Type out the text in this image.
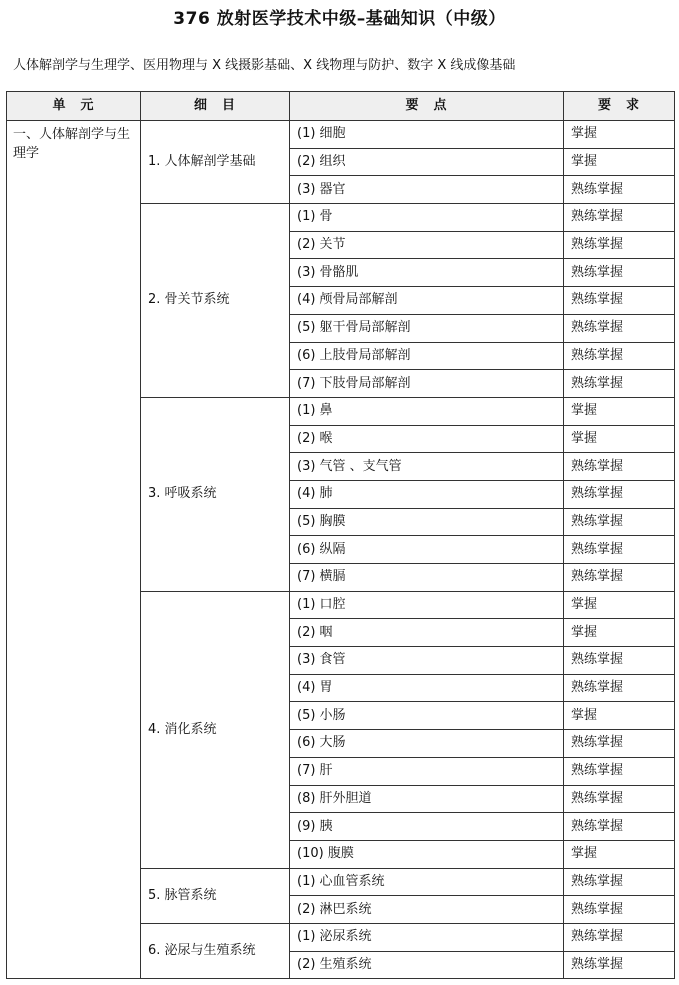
376 放射医学技术中级–基础知识（中级）
人体解剖学与生理学、医用物理与 X 线摄影基础、X 线物理与防护、数字 X 线成像基础
单　元	细　目	要　点	要　求
一、人体解剖学与生理学	1. 人体解剖学基础	(1) 细胞	掌握
		(2) 组织	掌握
		(3) 器官	熟练掌握
	2. 骨关节系统	(1) 骨	熟练掌握
		(2) 关节	熟练掌握
		(3) 骨骼肌	熟练掌握
		(4) 颅骨局部解剖	熟练掌握
		(5) 躯干骨局部解剖	熟练掌握
		(6) 上肢骨局部解剖	熟练掌握
		(7) 下肢骨局部解剖	熟练掌握
	3. 呼吸系统	(1) 鼻	掌握
		(2) 喉	掌握
		(3) 气管 、支气管	熟练掌握
		(4) 肺	熟练掌握
		(5) 胸膜	熟练掌握
		(6) 纵隔	熟练掌握
		(7) 横膈	熟练掌握
	4. 消化系统	(1) 口腔	掌握
		(2) 咽	掌握
		(3) 食管	熟练掌握
		(4) 胃	熟练掌握
		(5) 小肠	掌握
		(6) 大肠	熟练掌握
		(7) 肝	熟练掌握
		(8) 肝外胆道	熟练掌握
		(9) 胰	熟练掌握
		(10) 腹膜	掌握
	5. 脉管系统	(1) 心血管系统	熟练掌握
		(2) 淋巴系统	熟练掌握
	6. 泌尿与生殖系统	(1) 泌尿系统	熟练掌握
		(2) 生殖系统	熟练掌握
